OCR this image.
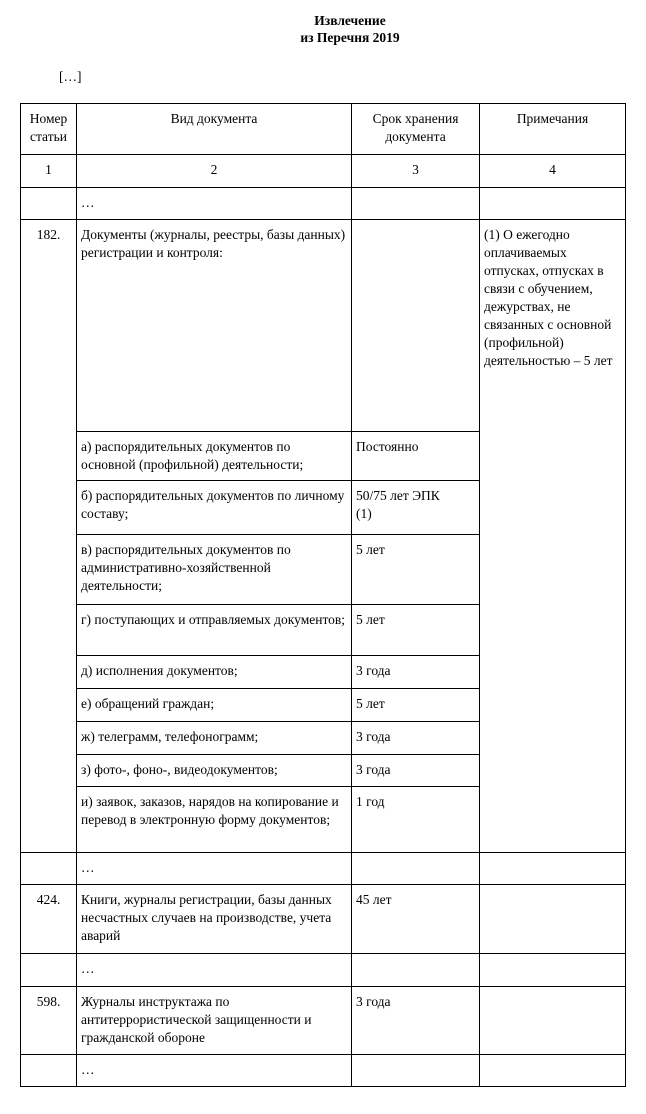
Извлечение
из Перечня 2019
[…]
Номер статьи	Вид документа	Срок хранения документа	Примечания

1	2	3	4

	…		

182.	Документы (журналы, реестры, базы данных) регистрации и контроля:		(1) О ежегодно оплачиваемых отпусках, отпусках в связи с обучением, дежурствах, не связанных с основной (профильной) деятельностью – 5 лет

	а) распорядительных документов по основной (профильной) деятельности;	Постоянно	

	б) распорядительных документов по личному составу;	50/75 лет ЭПК (1)	

	в) распорядительных документов по административно-хозяйственной деятельности;	5 лет	

	г) поступающих и отправляемых документов;	5 лет	

	д) исполнения документов;	3 года	

	е) обращений граждан;	5 лет	

	ж) телеграмм, телефонограмм;	3 года	

	з) фото-, фоно-, видеодокументов;	3 года	

	и) заявок, заказов, нарядов на копирование и перевод в электронную форму документов;	1 год	

	…		

424.	Книги, журналы регистрации, базы данных несчастных случаев на производстве, учета аварий	45 лет	

	…		

598.	Журналы инструктажа по антитеррористической защищенности и гражданской обороне	3 года	

	…		
